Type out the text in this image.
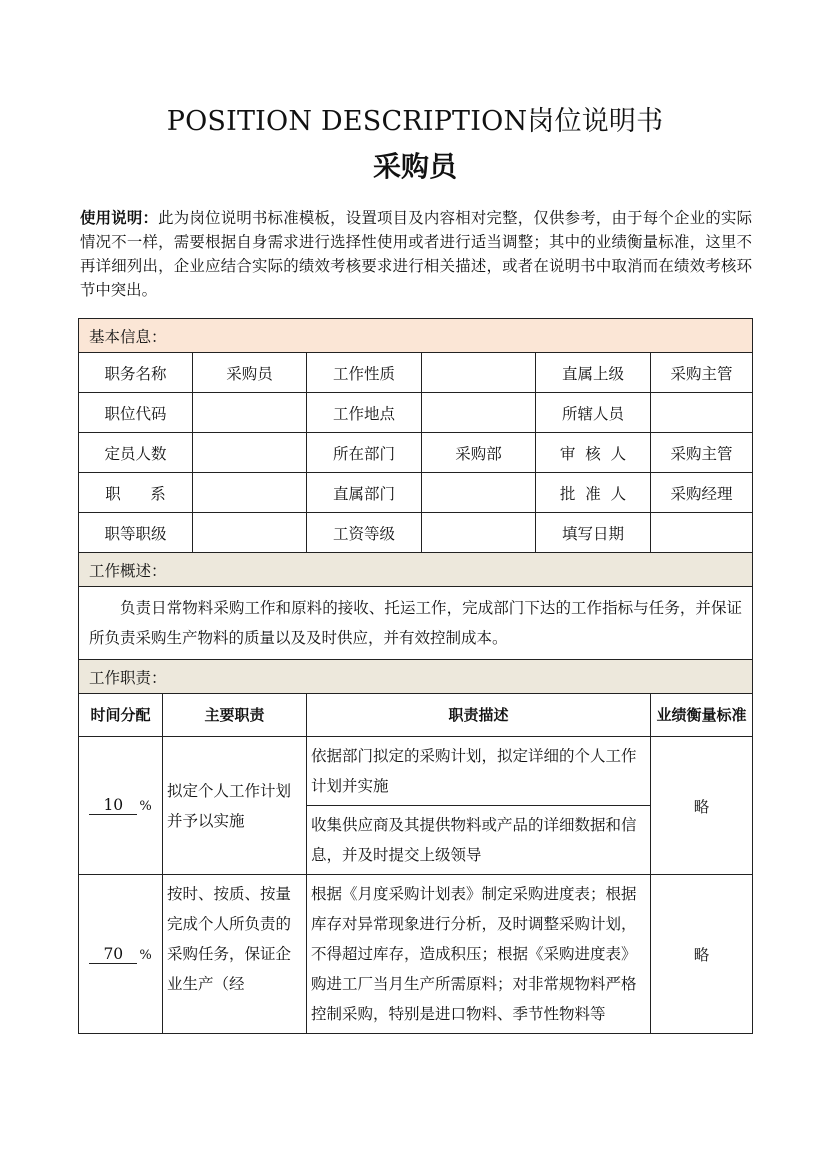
POSITION DESCRIPTION岗位说明书
采购员
使用说明：此为岗位说明书标准模板，设置项目及内容相对完整，仅供参考，由于每个企业的实际情况不一样，需要根据自身需求进行选择性使用或者进行适当调整；其中的业绩衡量标准，这里不再详细列出，企业应结合实际的绩效考核要求进行相关描述，或者在说明书中取消而在绩效考核环节中突出。
基本信息：						
职务名称		采购员	工作性质		直属上级	采购主管
职位代码			工作地点		所辖人员	
定员人数			所在部门	采购部	审  核  人	采购主管
职      系			直属部门		批  准  人	采购经理
职等职级			工资等级		填写日期	
工作概述：						
负责日常物料采购工作和原料的接收、托运工作，完成部门下达的工作指标与任务，并保证所负责采购生产物料的质量以及及时供应，并有效控制成本。						
工作职责：						
时间分配	主要职责		职责描述			业绩衡量标准
10 %	拟定个人工作计划并予以实施		依据部门拟定的采购计划，拟定详细的个人工作计划并实施			略
			收集供应商及其提供物料或产品的详细数据和信息，并及时提交上级领导			
70 %	按时、按质、按量完成个人所负责的采购任务，保证企业生产（经		根据《月度采购计划表》制定采购进度表；根据库存对异常现象进行分析，及时调整采购计划，不得超过库存，造成积压；根据《采购进度表》购进工厂当月生产所需原料；对非常规物料严格控制采购，特别是进口物料、季节性物料等			略
